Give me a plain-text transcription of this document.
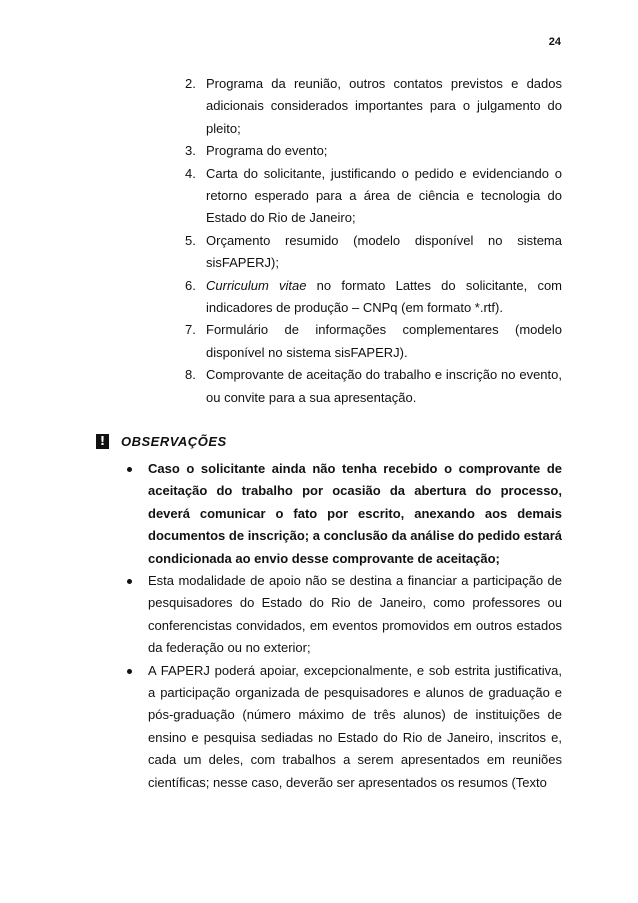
24
2. Programa da reunião, outros contatos previstos e dados adicionais considerados importantes para o julgamento do pleito;
3. Programa do evento;
4. Carta do solicitante, justificando o pedido e evidenciando o retorno esperado para a área de ciência e tecnologia do Estado do Rio de Janeiro;
5. Orçamento resumido (modelo disponível no sistema
sisFAPERJ);
6. Curriculum vitae no formato Lattes do solicitante, com indicadores de produção – CNPq (em formato *.rtf).
7. Formulário de informações complementares (modelo
disponível no sistema sisFAPERJ).
8. Comprovante de aceitação do trabalho e inscrição no evento, ou convite para a sua apresentação.
! OBSERVAÇÕES
Caso o solicitante ainda não tenha recebido o comprovante de aceitação do trabalho por ocasião da abertura do processo, deverá comunicar o fato por escrito, anexando aos demais documentos de inscrição; a conclusão da análise do pedido estará condicionada ao envio desse comprovante de aceitação;
Esta modalidade de apoio não se destina a financiar a participação de pesquisadores do Estado do Rio de Janeiro, como professores ou conferencistas convidados, em eventos promovidos em outros estados da federação ou no exterior;
A FAPERJ poderá apoiar, excepcionalmente, e sob estrita justificativa, a participação organizada de pesquisadores e alunos de graduação e pós-graduação (número máximo de três alunos) de instituições de ensino e pesquisa sediadas no Estado do Rio de Janeiro, inscritos e, cada um deles, com trabalhos a serem apresentados em reuniões científicas; nesse caso, deverão ser apresentados os resumos (Texto
